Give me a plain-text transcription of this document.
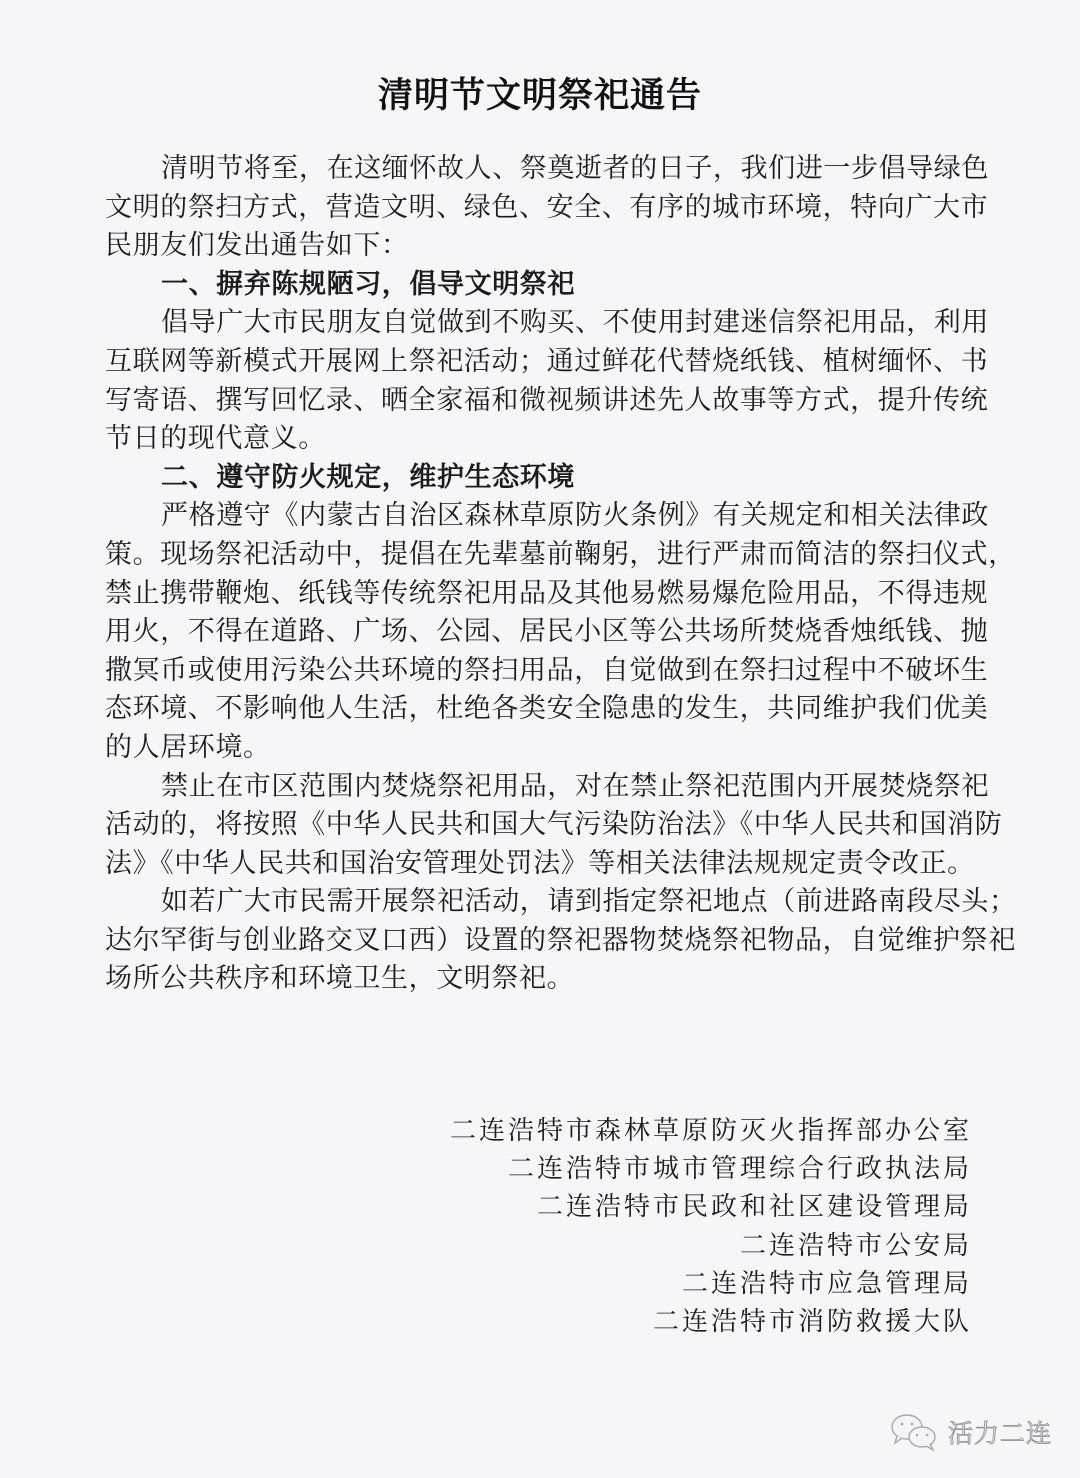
清明节文明祭祀通告
清明节将至，在这缅怀故人、祭奠逝者的日子，我们进一步倡导绿色
文明的祭扫方式，营造文明、绿色、安全、有序的城市环境，特向广大市
民朋友们发出通告如下：
一、摒弃陈规陋习，倡导文明祭祀
倡导广大市民朋友自觉做到不购买、不使用封建迷信祭祀用品，利用
互联网等新模式开展网上祭祀活动；通过鲜花代替烧纸钱、植树缅怀、书
写寄语、撰写回忆录、晒全家福和微视频讲述先人故事等方式，提升传统
节日的现代意义。
二、遵守防火规定，维护生态环境
严格遵守《内蒙古自治区森林草原防火条例》有关规定和相关法律政
策。现场祭祀活动中，提倡在先辈墓前鞠躬，进行严肃而简洁的祭扫仪式，
禁止携带鞭炮、纸钱等传统祭祀用品及其他易燃易爆危险用品，不得违规
用火，不得在道路、广场、公园、居民小区等公共场所焚烧香烛纸钱、抛
撒冥币或使用污染公共环境的祭扫用品，自觉做到在祭扫过程中不破坏生
态环境、不影响他人生活，杜绝各类安全隐患的发生，共同维护我们优美
的人居环境。
禁止在市区范围内焚烧祭祀用品，对在禁止祭祀范围内开展焚烧祭祀
活动的，将按照《中华人民共和国大气污染防治法》《中华人民共和国消防
法》《中华人民共和国治安管理处罚法》等相关法律法规规定责令改正。
如若广大市民需开展祭祀活动，请到指定祭祀地点（前进路南段尽头；
达尔罕街与创业路交叉口西）设置的祭祀器物焚烧祭祀物品，自觉维护祭祀
场所公共秩序和环境卫生，文明祭祀。
二连浩特市森林草原防灭火指挥部办公室
二连浩特市城市管理综合行政执法局
二连浩特市民政和社区建设管理局
二连浩特市公安局
二连浩特市应急管理局
二连浩特市消防救援大队
活力二连
